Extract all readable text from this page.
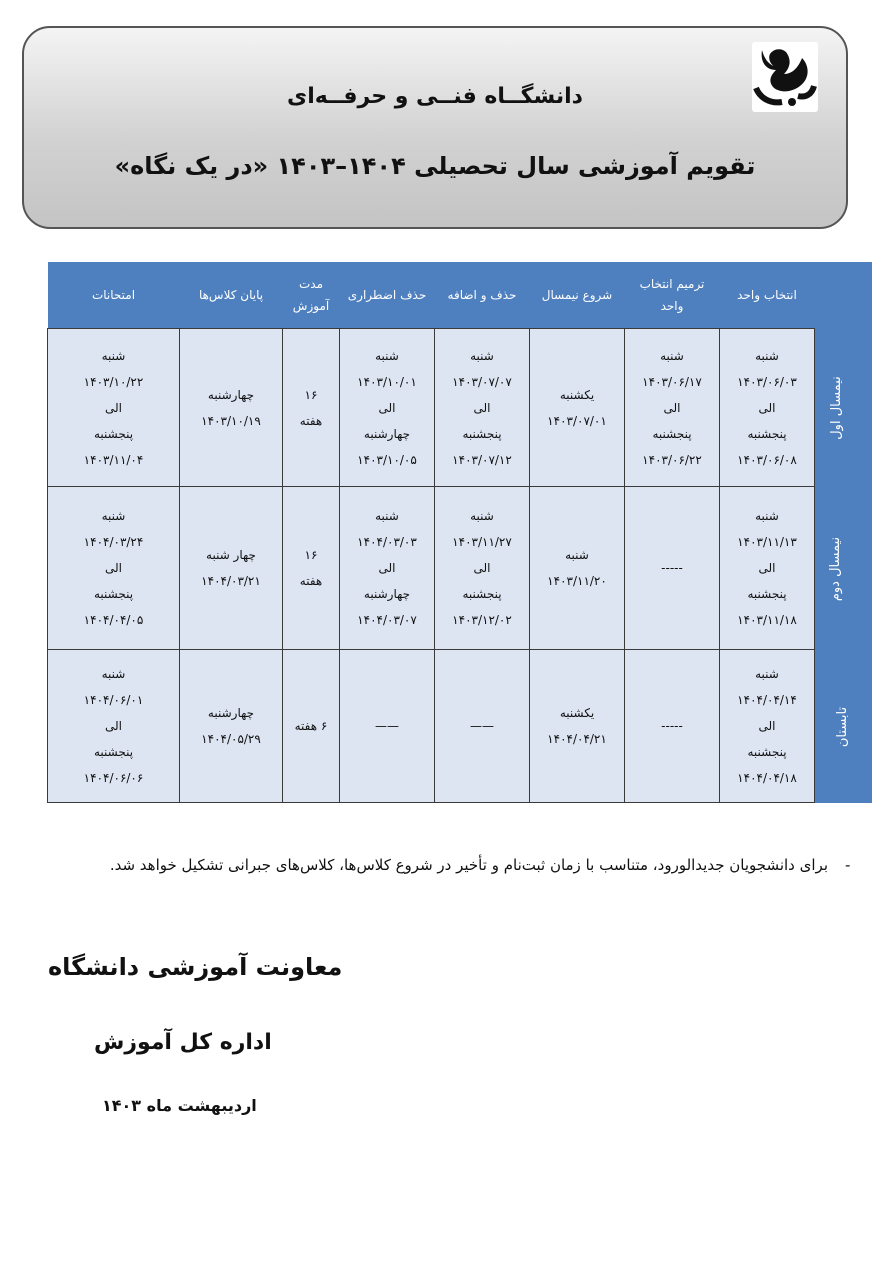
دانشگــاه فنــی و حرفــه‌ای
تقویم آموزشی سال تحصیلی ۱۴۰۴–۱۴۰۳ «در یک نگاه»
	انتخاب واحد	ترمیم انتخاب واحد	شروع نیمسال	حذف و اضافه	حذف اضطراری	مدت آموزش	پایان کلاس‌ها	امتحانات
نیمسال اول	شنبه
۱۴۰۳/۰۶/۰۳
الی
پنجشنبه
۱۴۰۳/۰۶/۰۸	شنبه
۱۴۰۳/۰۶/۱۷
الی
پنجشنبه
۱۴۰۳/۰۶/۲۲	یکشنبه
۱۴۰۳/۰۷/۰۱	شنبه
۱۴۰۳/۰۷/۰۷
الی
پنجشنبه
۱۴۰۳/۰۷/۱۲	شنبه
۱۴۰۳/۱۰/۰۱
الی
چهارشنبه
۱۴۰۳/۱۰/۰۵	۱۶
هفته	چهارشنبه
۱۴۰۳/۱۰/۱۹	شنبه
۱۴۰۳/۱۰/۲۲
الی
پنجشنبه
۱۴۰۳/۱۱/۰۴

نیمسال دوم	شنبه
۱۴۰۳/۱۱/۱۳
الی
پنجشنبه
۱۴۰۳/۱۱/۱۸	-----	شنبه
۱۴۰۳/۱۱/۲۰	شنبه
۱۴۰۳/۱۱/۲۷
الی
پنجشنبه
۱۴۰۳/۱۲/۰۲	شنبه
۱۴۰۴/۰۳/۰۳
الی
چهارشنبه
۱۴۰۴/۰۳/۰۷	۱۶
هفته	چهار شنبه
۱۴۰۴/۰۳/۲۱	شنبه
۱۴۰۴/۰۳/۲۴
الی
پنجشنبه
۱۴۰۴/۰۴/۰۵

تابستان	شنبه
۱۴۰۴/۰۴/۱۴
الی
پنجشنبه
۱۴۰۴/۰۴/۱۸	-----	یکشنبه
۱۴۰۴/۰۴/۲۱	——	——	۶ هفته	چهارشنبه
۱۴۰۴/۰۵/۲۹	شنبه
۱۴۰۴/۰۶/۰۱
الی
پنجشنبه
۱۴۰۴/۰۶/۰۶
-
برای دانشجویان جدیدالورود، متناسب با زمان ثبت‌نام و تأخیر در شروع کلاس‌ها، کلاس‌های جبرانی تشکیل خواهد شد.
معاونت آموزشی دانشگاه
اداره کل آموزش
اردیبهشت ماه ۱۴۰۳
